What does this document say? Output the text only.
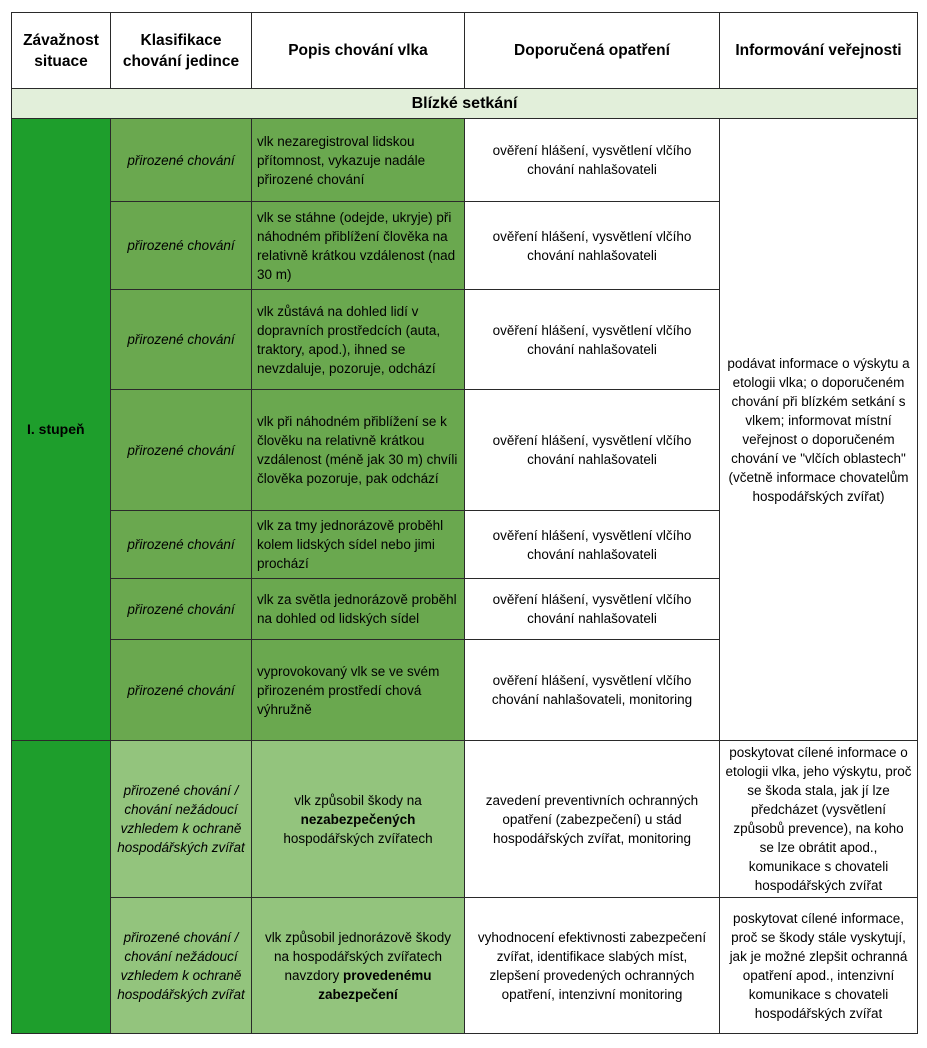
Závažnost situace	Klasifikace chování jedince	Popis chování vlka	Doporučená opatření	Informování veřejnosti
Blízké setkání				
I. stupeň	přirozené chování	vlk nezaregistroval lidskou přítomnost, vykazuje nadále přirozené chování	ověření hlášení, vysvětlení vlčího chování nahlašovateli	podávat informace o výskytu a etologii vlka; o doporučeném chování při blízkém setkání s vlkem; informovat místní veřejnost o doporučeném chování ve "vlčích oblastech" (včetně informace chovatelům hospodářských zvířat)
	přirozené chování	vlk se stáhne (odejde, ukryje) při náhodném přiblížení člověka na relativně krátkou vzdálenost (nad 30 m)	ověření hlášení, vysvětlení vlčího chování nahlašovateli	
	přirozené chování	vlk zůstává na dohled lidí v dopravních prostředcích (auta, traktory, apod.), ihned se nevzdaluje, pozoruje, odchází	ověření hlášení, vysvětlení vlčího chování nahlašovateli	
	přirozené chování	vlk při náhodném přiblížení se k člověku na relativně krátkou vzdálenost (méně jak 30 m) chvíli člověka pozoruje, pak odchází	ověření hlášení, vysvětlení vlčího chování nahlašovateli	
	přirozené chování	vlk za tmy jednorázově proběhl kolem lidských sídel nebo jimi prochází	ověření hlášení, vysvětlení vlčího chování nahlašovateli	
	přirozené chování	vlk za světla jednorázově proběhl na dohled od lidských sídel	ověření hlášení, vysvětlení vlčího chování nahlašovateli	
	přirozené chování	vyprovokovaný vlk se ve svém přirozeném prostředí chová výhružně	ověření hlášení, vysvětlení vlčího chování nahlašovateli, monitoring	
	přirozené chování / chování nežádoucí vzhledem k ochraně hospodářských zvířat	vlk způsobil škody na nezabezpečených hospodářských zvířatech	zavedení preventivních ochranných opatření (zabezpečení) u stád hospodářských zvířat, monitoring	poskytovat cílené informace o etologii vlka, jeho výskytu, proč se škoda stala, jak jí lze předcházet (vysvětlení způsobů prevence), na koho se lze obrátit apod., komunikace s chovateli hospodářských zvířat
	přirozené chování / chování nežádoucí vzhledem k ochraně hospodářských zvířat	vlk způsobil jednorázově škody na hospodářských zvířatech navzdory provedenému zabezpečení	vyhodnocení efektivnosti zabezpečení zvířat, identifikace slabých míst, zlepšení provedených ochranných opatření, intenzivní monitoring	poskytovat cílené informace, proč se škody stále vyskytují, jak je možné zlepšit ochranná opatření apod., intenzivní komunikace s chovateli hospodářských zvířat
